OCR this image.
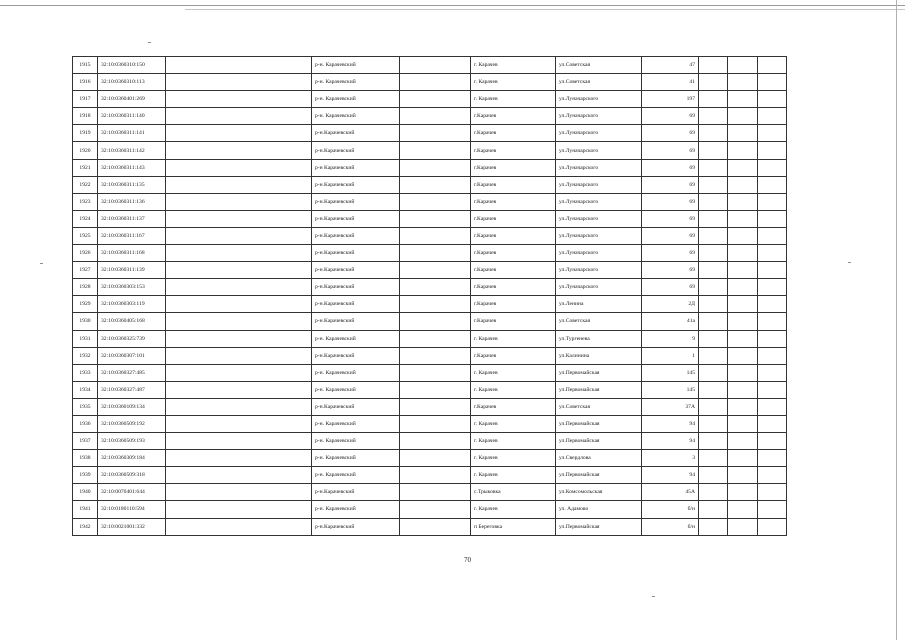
1915	32:10:0360310:150		р-н. Карачевский		г. Карачев	ул.Советская	47			
1916	32:10:0360310:113		р-н. Карачевский		г. Карачев	ул.Советская	41			
1917	32:10:0360401:269		р-н. Карачевский		г. Карачев	ул.Луначарского	197			
1918	32:10:0360311:140		р-н. Карачевский		г.Карачев	ул.Луначарского	69			
1919	32:10:0360311:141		р-н.Карачевский		г.Карачев	ул.Луначарского	69			
1920	32:10:0360311:142		р-н.Карачевский		г.Карачев	ул.Луначарского	69			
1921	32:10:0360311:143		р-н Карачевский		г.Карачев	ул.Луначарского	69			
1922	32:10:0360311:135		р-н.Карачевский		г.Карачев	ул.Луначарского	69			
1923	32:10:0360311:136		р-н.Карачевский		г.Карачев	ул.Луначарского	69			
1924	32:10:0360311:137		р-н.Карачевский		г.Карачев	ул.Луначарского	69			
1925	32:10:0360311:167		р-н.Карачевский		г.Карачев	ул.Луначарского	69			
1926	32:10:0360311:168		р-н.Карачевский		г.Карачев	ул.Луначарского	69			
1927	32:10:0360311:139		р-н.Карачевский		г.Карачев	ул.Луначарского	69			
1928	32:10:0360303:153		р-н.Карачевский		г.Карачев	ул.Луначарского	69			
1929	32:10:0360303:119		р-н.Карачевский		г.Карачев	ул.Ленина	2Д			
1930	32:10:0360405:168		р-н.Карачевский		г.Карачев	ул.Советская	41а			
1931	32:10:0360325:739		р-н. Карачевский		г. Карачев	ул.Тургенева	9			
1932	32:10:0360307:101		р-н.Карачевский		г.Карачев	ул.Калинина	1			
1933	32:10:0360327:485		р-н. Карачевский		г. Карачев	ул.Первомайская	145			
1934	32:10:0360327:487		р-н. Карачевский		г. Карачев	ул.Первомайская	145			
1935	32:10:0360109:134		р-н.Карачевский		г.Карачев	ул.Советская	37А			
1936	32:10:0360509:192		р-н. Карачевский		г. Карачев	ул.Первомайская	94			
1937	32:10:0360509:193		р-н. Карачевский		г. Карачев	ул.Первомайская	94			
1938	32:10:0360309:184		р-н. Карачевский		г. Карачев	ул.Свердлова	3			
1939	32:10:0360509:318		р-н. Карачевский		г. Карачев	ул.Первомайская	94			
1940	32:10:0070401:644		р-н.Карачевский		с.Трыковка	ул.Комсомольская	45А			
1941	32:10:0180110:594		р-н. Карачевский		г. Карачев	ул. Адамово	б/н			
1942	32:10:0021001:332		р-н.Карачевский		п Береговка	ул.Первомайская	б/н			
70
